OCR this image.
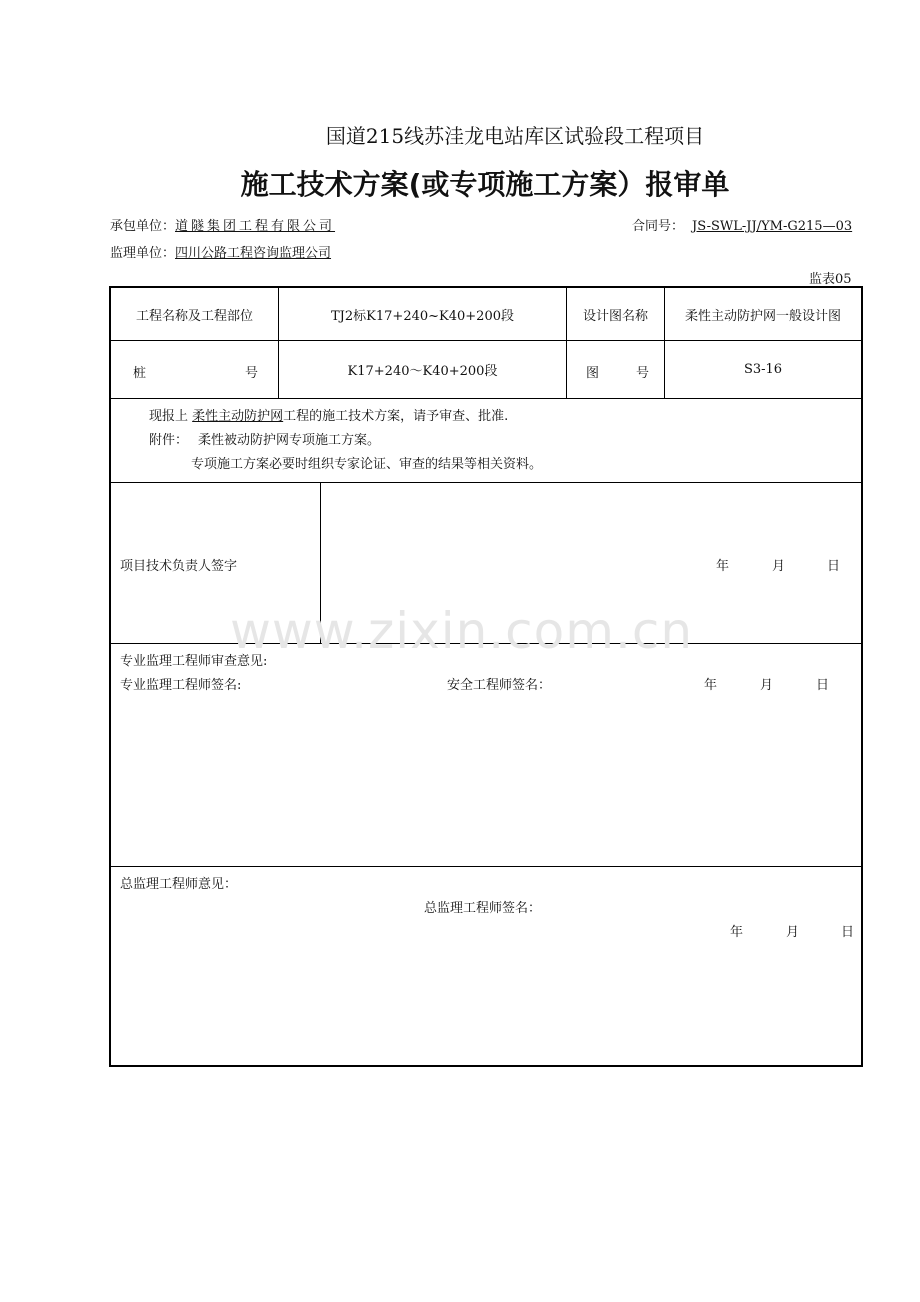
国道215线苏洼龙电站库区试验段工程项目
施工技术方案(或专项施工方案）报审单
承包单位：道隧集团工程有限公司	合同号： JS-SWL-JJ/YM-G215—03
监理单位：四川公路工程咨询监理公司
监表05
工程名称及工程部位	TJ2标K17+240~K40+200段	设计图名称	柔性主动防护网一般设计图
桩	号	K17+240～K40+200段	图	号	S3-16
现报上 柔性主动防护网工程的施工技术方案，请予审查、批准.
附件： 柔性被动防护网专项施工方案。
专项施工方案必要时组织专家论证、审查的结果等相关资料。
项目技术负责人签字	年	月	日
专业监理工程师审查意见:
专业监理工程师签名:	安全工程师签名：	年	月	日
总监理工程师意见：
总监理工程师签名：
年	月	日
www.zixin.com.cn
